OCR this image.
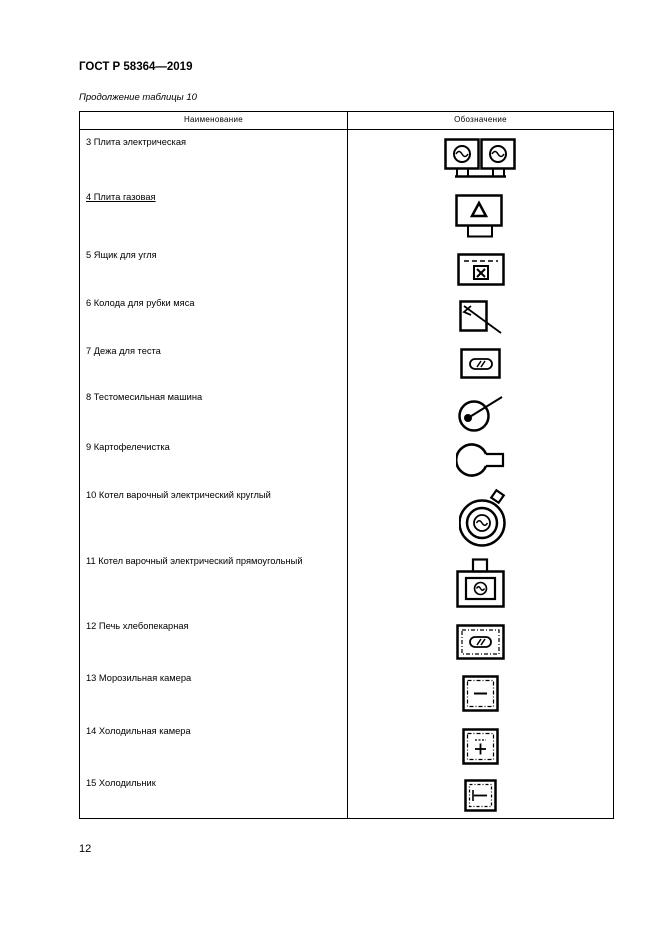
ГОСТ Р 58364—2019
Продолжение таблицы 10
Наименование	Обозначение
3 Плита электрическая
4 Плита газовая
5 Ящик для угля
6 Колода для рубки мяса
7 Дежа для теста
8 Тестомесильная машина
9 Картофелечистка
10 Котел варочный электрический круглый
11 Котел варочный электрический прямоугольный
12 Печь хлебопекарная
13 Морозильная камера
14 Холодильная камера
15 Холодильник
12
